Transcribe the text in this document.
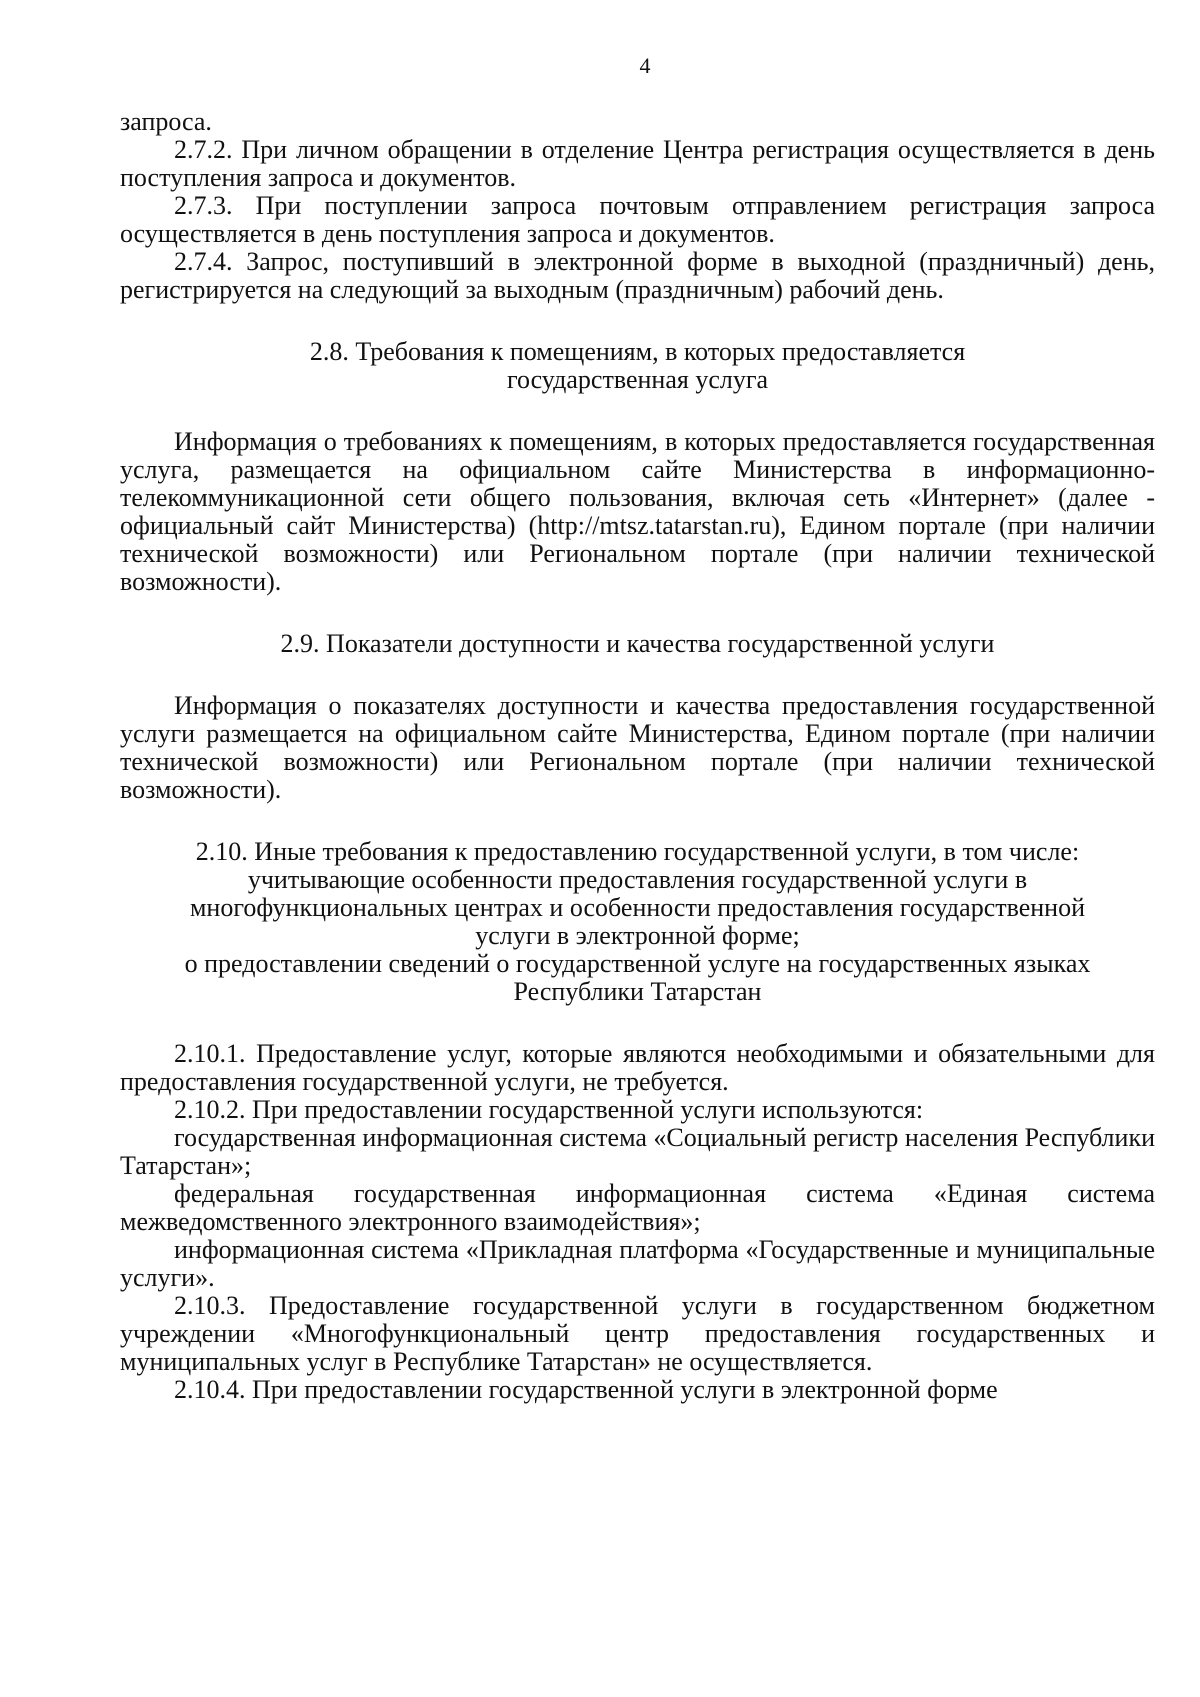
4

запроса.

2.7.2. При личном обращении в отделение Центра регистрация осуществляется в день поступления запроса и документов.

2.7.3. При поступлении запроса почтовым отправлением регистрация запроса осуществляется в день поступления запроса и документов.

2.7.4. Запрос, поступивший в электронной форме в выходной (праздничный) день, регистрируется на следующий за выходным (праздничным) рабочий день.

2.8. Требования к помещениям, в которых предоставляется
государственная услуга

Информация о требованиях к помещениям, в которых предоставляется государственная услуга, размещается на официальном сайте Министерства в информационно-телекоммуникационной сети общего пользования, включая сеть «Интернет» (далее - официальный сайт Министерства) (http://mtsz.tatarstan.ru), Едином портале (при наличии технической возможности) или Региональном портале (при наличии технической возможности).

2.9. Показатели доступности и качества государственной услуги

Информация о показателях доступности и качества предоставления государственной услуги размещается на официальном сайте Министерства, Едином портале (при наличии технической возможности) или Региональном портале (при наличии технической возможности).

2.10. Иные требования к предоставлению государственной услуги, в том числе:
учитывающие особенности предоставления государственной услуги в
многофункциональных центрах и особенности предоставления государственной
услуги в электронной форме;
о предоставлении сведений о государственной услуге на государственных языках
Республики Татарстан

2.10.1. Предоставление услуг, которые являются необходимыми и обязательными для предоставления государственной услуги, не требуется.

2.10.2. При предоставлении государственной услуги используются:

государственная информационная система «Социальный регистр населения Республики Татарстан»;

федеральная государственная информационная система «Единая система межведомственного электронного взаимодействия»;

информационная система «Прикладная платформа «Государственные и муниципальные услуги».

2.10.3. Предоставление государственной услуги в государственном бюджетном учреждении «Многофункциональный центр предоставления государственных и муниципальных услуг в Республике Татарстан» не осуществляется.

2.10.4. При предоставлении государственной услуги в электронной форме
